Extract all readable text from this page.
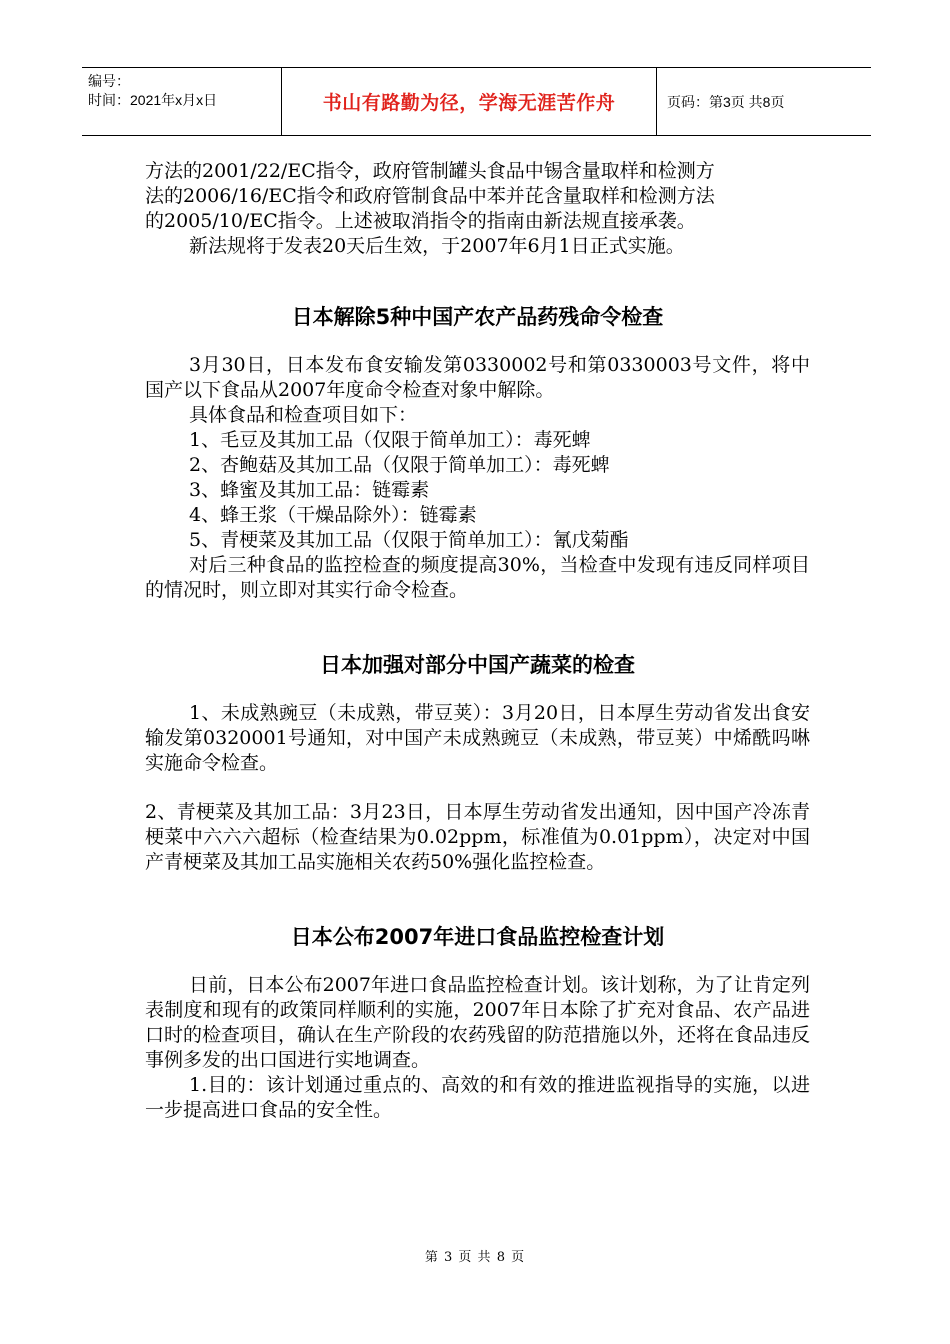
编号：
时间：2021年x月x日	书山有路勤为径，学海无涯苦作舟	页码：第3页 共8页

方法的2001/22/EC指令，政府管制罐头食品中锡含量取样和检测方

法的2006/16/EC指令和政府管制食品中苯并芘含量取样和检测方法

的2005/10/EC指令。上述被取消指令的指南由新法规直接承袭。

新法规将于发表20天后生效，于2007年6月1日正式实施。

日本解除5种中国产农产品药残命令检查

3月30日，日本发布食安输发第0330002号和第0330003号文件，将中国产以下食品从2007年度命令检查对象中解除。

具体食品和检查项目如下：

1、毛豆及其加工品（仅限于简单加工）：毒死蜱

2、杏鲍菇及其加工品（仅限于简单加工）：毒死蜱

3、蜂蜜及其加工品：链霉素

4、蜂王浆（干燥品除外）：链霉素

5、青梗菜及其加工品（仅限于简单加工）：氰戊菊酯

对后三种食品的监控检查的频度提高30%，当检查中发现有违反同样项目的情况时，则立即对其实行命令检查。

日本加强对部分中国产蔬菜的检查

1、未成熟豌豆（未成熟，带豆荚）：3月20日，日本厚生劳动省发出食安输发第0320001号通知，对中国产未成熟豌豆（未成熟，带豆荚）中烯酰吗啉实施命令检查。

2、青梗菜及其加工品：3月23日，日本厚生劳动省发出通知，因中国产冷冻青梗菜中六六六超标（检查结果为0.02ppm，标准值为0.01ppm），决定对中国产青梗菜及其加工品实施相关农药50%强化监控检查。

日本公布2007年进口食品监控检查计划

日前，日本公布2007年进口食品监控检查计划。该计划称，为了让肯定列表制度和现有的政策同样顺利的实施，2007年日本除了扩充对食品、农产品进口时的检查项目，确认在生产阶段的农药残留的防范措施以外，还将在食品违反事例多发的出口国进行实地调查。

1.目的：该计划通过重点的、高效的和有效的推进监视指导的实施，以进一步提高进口食品的安全性。

第 3 页 共 8 页
